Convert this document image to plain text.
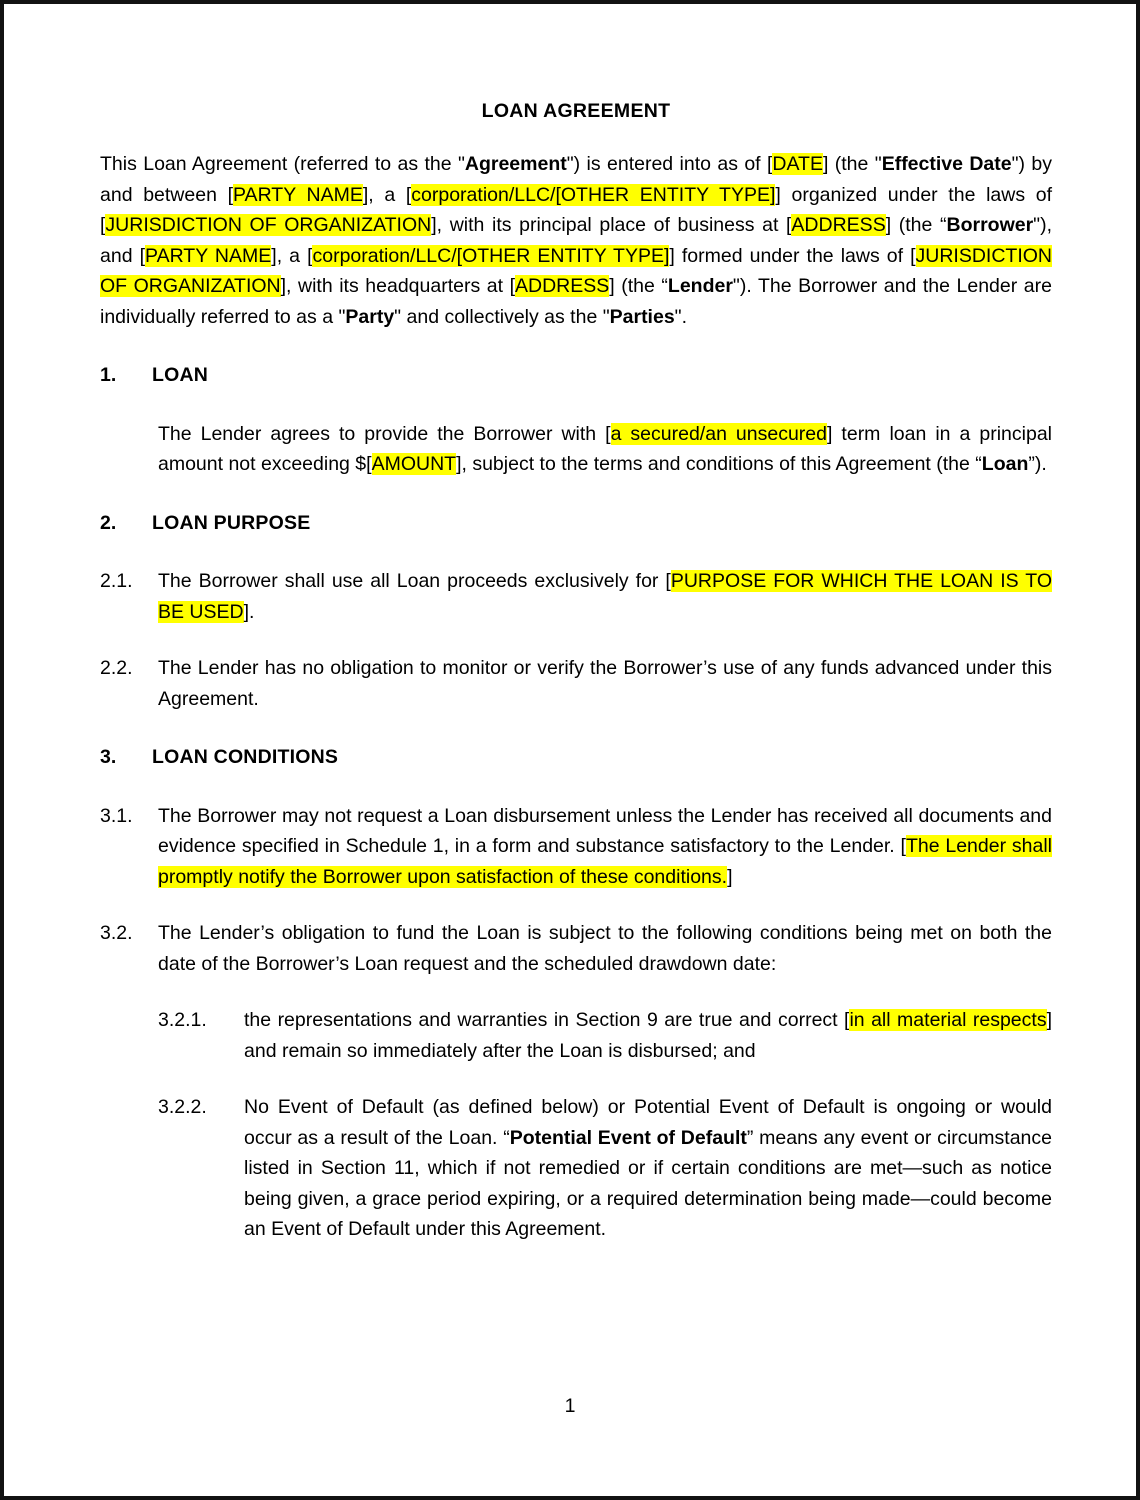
LOAN AGREEMENT

This Loan Agreement (referred to as the "Agreement") is entered into as of [DATE] (the "Effective Date") by and between [PARTY NAME], a [corporation/LLC/[OTHER ENTITY TYPE]] organized under the laws of [JURISDICTION OF ORGANIZATION], with its principal place of business at [ADDRESS] (the “Borrower"), and [PARTY NAME], a [corporation/LLC/[OTHER ENTITY TYPE]] formed under the laws of [JURISDICTION OF ORGANIZATION], with its headquarters at [ADDRESS] (the “Lender"). The Borrower and the Lender are individually referred to as a "Party" and collectively as the "Parties".

1.	LOAN
The Lender agrees to provide the Borrower with [a secured/an unsecured] term loan in a principal amount not exceeding $[AMOUNT], subject to the terms and conditions of this Agreement (the “Loan”).
2.	LOAN PURPOSE
2.1.	The Borrower shall use all Loan proceeds exclusively for [PURPOSE FOR WHICH THE LOAN IS TO BE USED].
2.2.	The Lender has no obligation to monitor or verify the Borrower’s use of any funds advanced under this Agreement.
3.	LOAN CONDITIONS
3.1.	The Borrower may not request a Loan disbursement unless the Lender has received all documents and evidence specified in Schedule 1, in a form and substance satisfactory to the Lender. [The Lender shall promptly notify the Borrower upon satisfaction of these conditions.]
3.2.	The Lender’s obligation to fund the Loan is subject to the following conditions being met on both the date of the Borrower’s Loan request and the scheduled drawdown date:
3.2.1.	the representations and warranties in Section 9 are true and correct [in all material respects] and remain so immediately after the Loan is disbursed; and
3.2.2.	No Event of Default (as defined below) or Potential Event of Default is ongoing or would occur as a result of the Loan. “Potential Event of Default” means any event or circumstance listed in Section 11, which if not remedied or if certain conditions are met—such as notice being given, a grace period expiring, or a required determination being made—could become an Event of Default under this Agreement.
1
